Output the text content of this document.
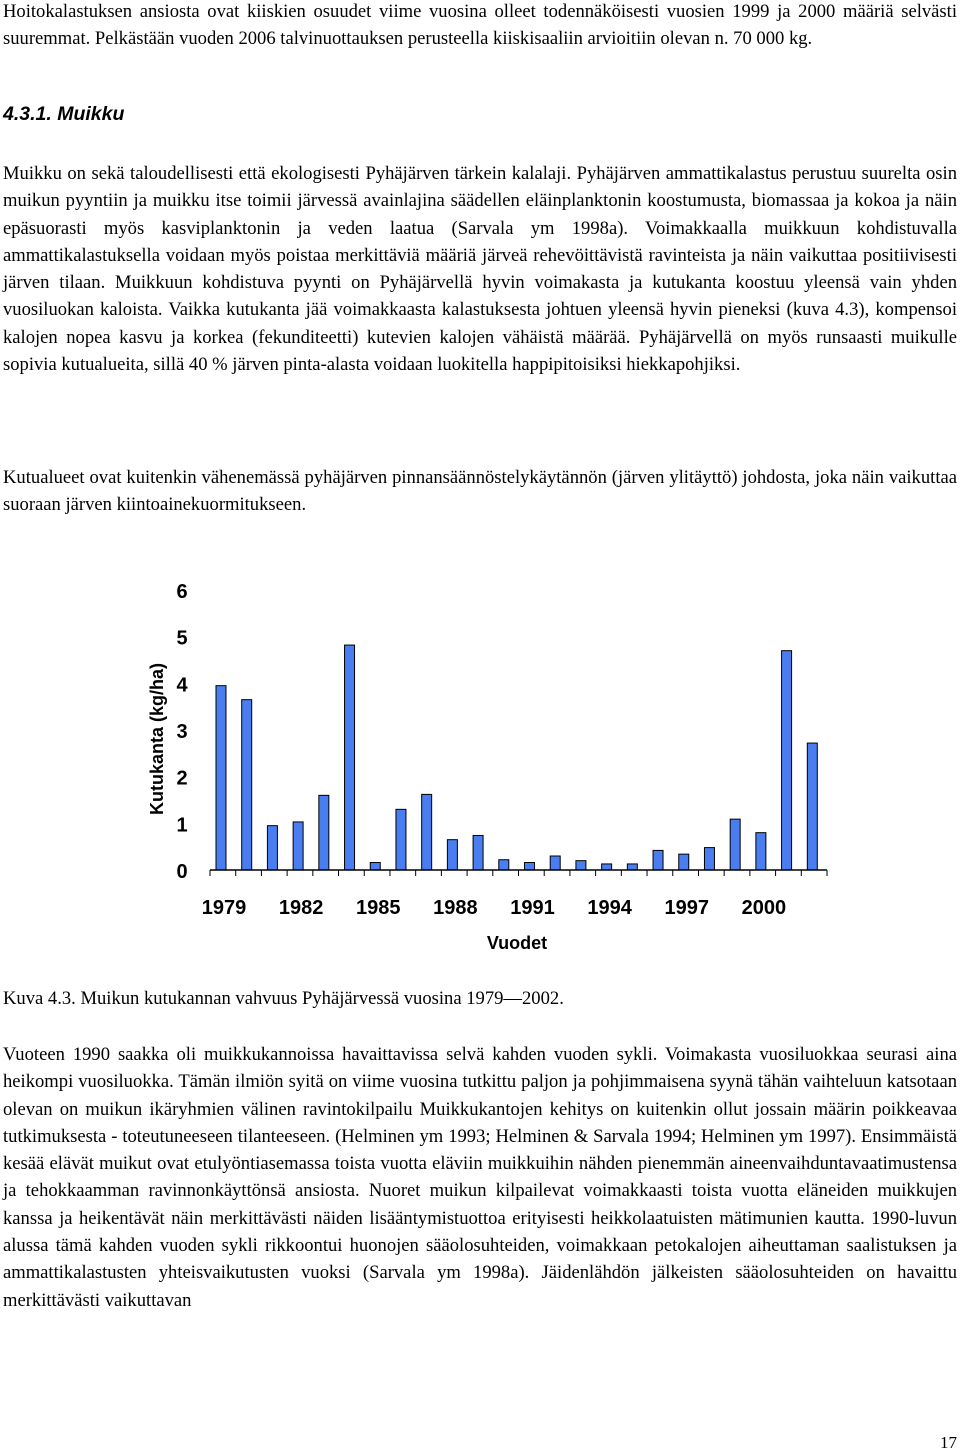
Hoitokalastuksen ansiosta ovat kiiskien osuudet viime vuosina olleet todennäköisesti vuosien 1999 ja 2000 määriä selvästi suuremmat. Pelkästään vuoden 2006 talvinuottauksen perusteella kiiskisaaliin arvioitiin olevan n. 70 000 kg.

4.3.1. Muikku

Muikku on sekä taloudellisesti että ekologisesti Pyhäjärven tärkein kalalaji. Pyhäjärven ammattikalastus perustuu suurelta osin muikun pyyntiin ja muikku itse toimii järvessä avainlajina säädellen eläinplanktonin koostumusta, biomassaa ja kokoa ja näin epäsuorasti myös kasviplanktonin ja veden laatua (Sarvala ym 1998a). Voimakkaalla muikkuun kohdistuvalla ammattikalastuksella voidaan myös poistaa merkittäviä määriä järveä rehevöittävistä ravinteista ja näin vaikuttaa positiivisesti järven tilaan. Muikkuun kohdistuva pyynti on Pyhäjärvellä hyvin voimakasta ja kutukanta koostuu yleensä vain yhden vuosiluokan kaloista. Vaikka kutukanta jää voimakkaasta kalastuksesta johtuen yleensä hyvin pieneksi (kuva 4.3), kompensoi kalojen nopea kasvu ja korkea (fekunditeetti) kutevien kalojen vähäistä määrää. Pyhäjärvellä on myös runsaasti muikulle sopivia kutualueita, sillä 40 % järven pinta-alasta voidaan luokitella happipitoisiksi hiekkapohjiksi.

Kutualueet ovat kuitenkin vähenemässä pyhäjärven pinnansäännöstelykäytännön (järven ylitäyttö) johdosta, joka näin vaikuttaa suoraan järven kiintoainekuormitukseen.

0
1
2
3
4
5
6
1979 1982 1985 1988 1991 1994 1997 2000
Kutukanta (kg/ha)
Vuodet

Kuva 4.3. Muikun kutukannan vahvuus Pyhäjärvessä vuosina 1979—2002.

Vuoteen 1990 saakka oli muikkukannoissa havaittavissa selvä kahden vuoden sykli. Voimakasta vuosiluokkaa seurasi aina heikompi vuosiluokka. Tämän ilmiön syitä on viime vuosina tutkittu paljon ja pohjimmaisena syynä tähän vaihteluun katsotaan olevan on muikun ikäryhmien välinen ravintokilpailu Muikkukantojen kehitys on kuitenkin ollut jossain määrin poikkeavaa tutkimuksesta - toteutuneeseen tilanteeseen. (Helminen ym 1993; Helminen & Sarvala 1994; Helminen ym 1997). Ensimmäistä kesää elävät muikut ovat etulyöntiasemassa toista vuotta eläviin muikkuihin nähden pienemmän aineenvaihduntavaatimustensa ja tehokkaamman ravinnonkäyttönsä ansiosta. Nuoret muikun kilpailevat voimakkaasti toista vuotta eläneiden muikkujen kanssa ja heikentävät näin merkittävästi näiden lisääntymistuottoa erityisesti heikkolaatuisten mätimunien kautta. 1990-luvun alussa tämä kahden vuoden sykli rikkoontui huonojen sääolosuhteiden, voimakkaan petokalojen aiheuttaman saalistuksen ja ammattikalastusten yhteisvaikutusten vuoksi (Sarvala ym 1998a). Jäidenlähdön jälkeisten sääolosuhteiden on havaittu merkittävästi vaikuttavan

17
